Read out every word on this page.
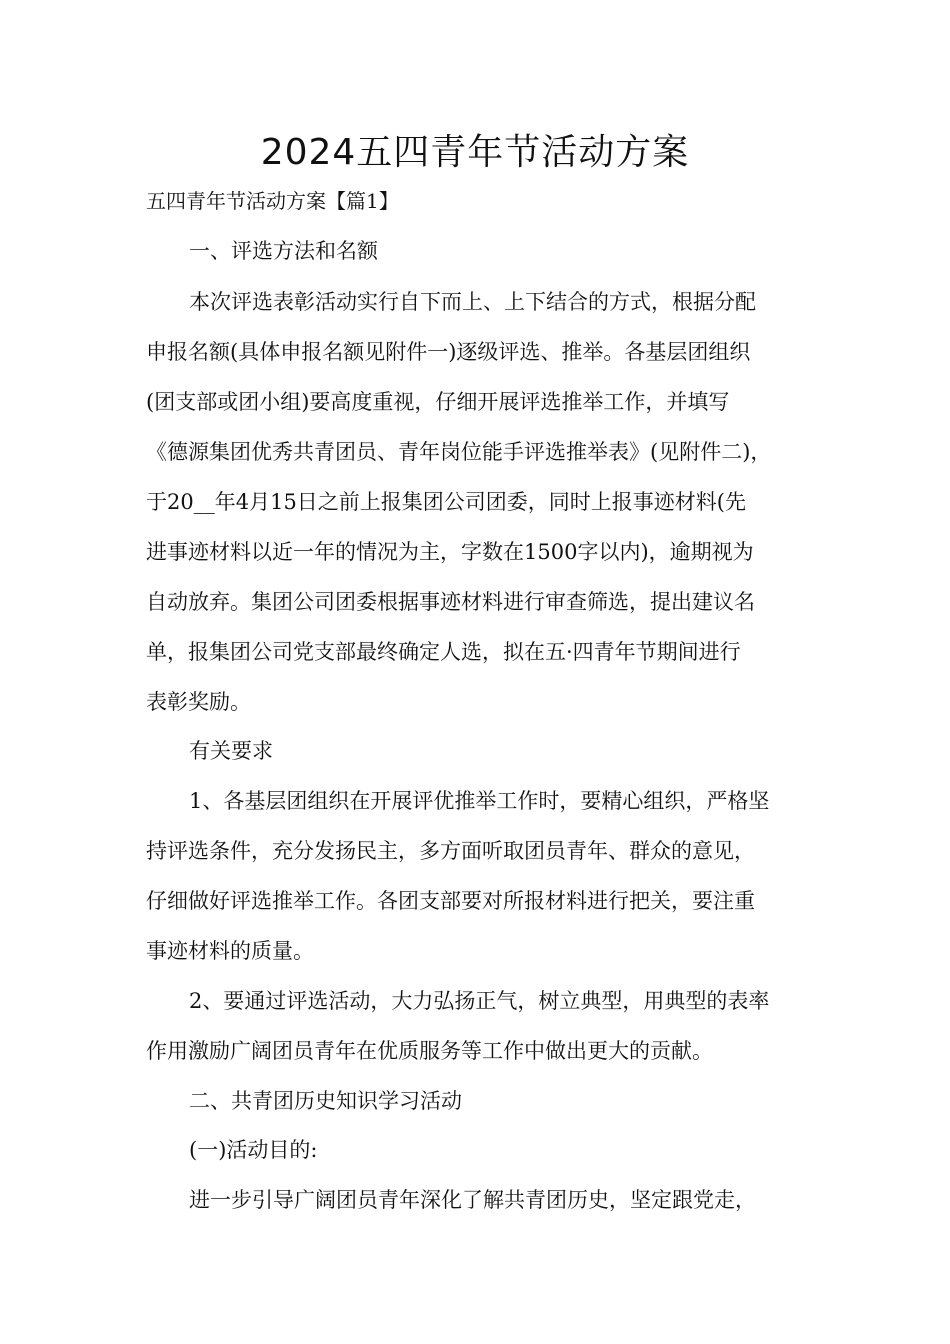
2024五四青年节活动方案

五四青年节活动方案【篇1】

一、评选方法和名额

本次评选表彰活动实行自下而上、上下结合的方式，根据分配

申报名额(具体申报名额见附件一)逐级评选、推举。各基层团组织

(团支部或团小组)要高度重视，仔细开展评选推举工作，并填写

《德源集团优秀共青团员、青年岗位能手评选推举表》(见附件二)，

于20__年4月15日之前上报集团公司团委，同时上报事迹材料(先

进事迹材料以近一年的情况为主，字数在1500字以内)，逾期视为

自动放弃。集团公司团委根据事迹材料进行审查筛选，提出建议名

单，报集团公司党支部最终确定人选，拟在五·四青年节期间进行

表彰奖励。

有关要求

1、各基层团组织在开展评优推举工作时，要精心组织，严格坚

持评选条件，充分发扬民主，多方面听取团员青年、群众的意见，

仔细做好评选推举工作。各团支部要对所报材料进行把关，要注重

事迹材料的质量。

2、要通过评选活动，大力弘扬正气，树立典型，用典型的表率

作用激励广阔团员青年在优质服务等工作中做出更大的贡献。

二、共青团历史知识学习活动

(一)活动目的:

进一步引导广阔团员青年深化了解共青团历史，坚定跟党走，
